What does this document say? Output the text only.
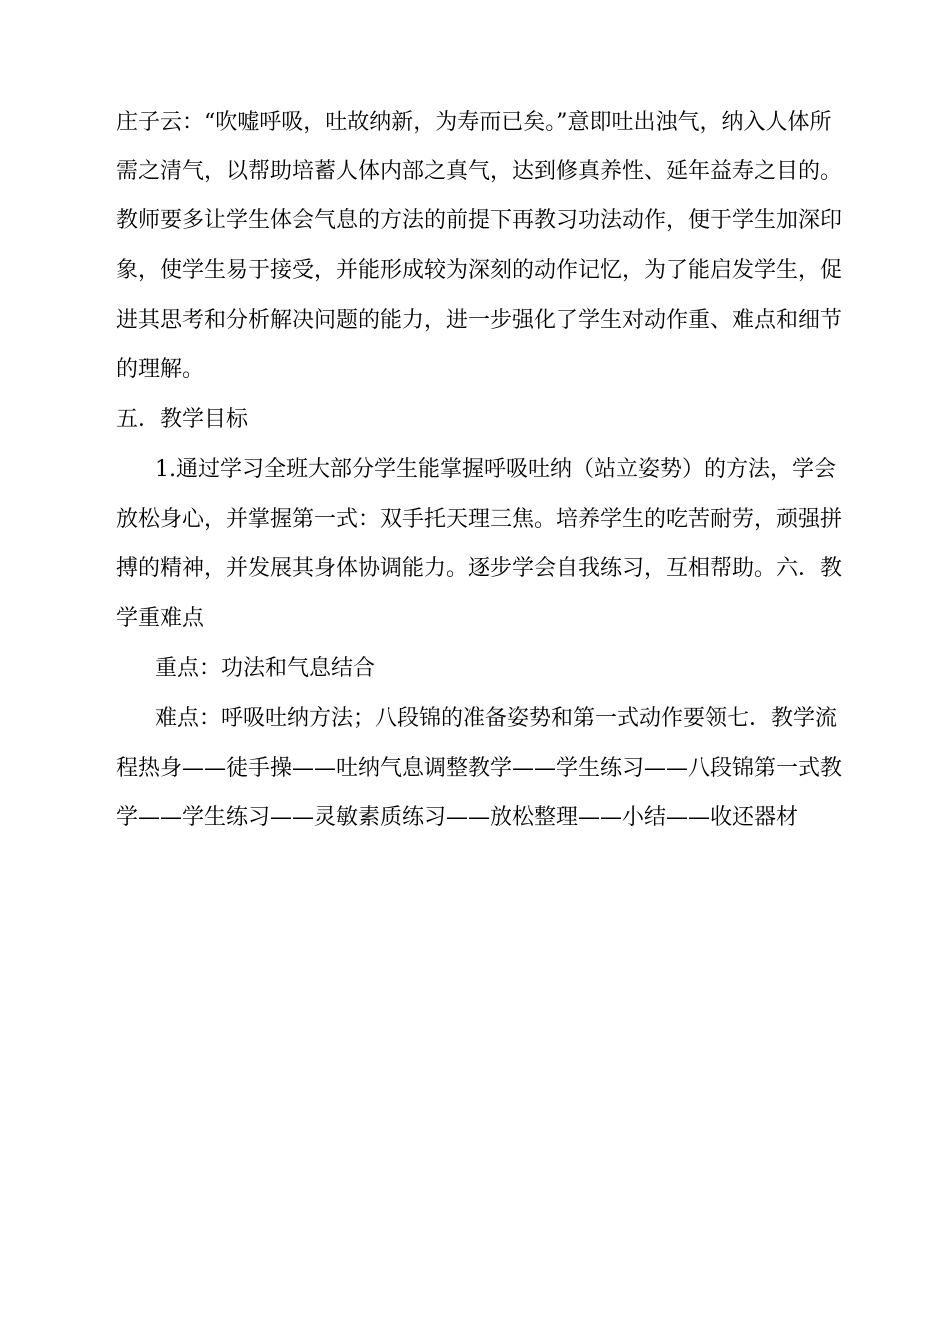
庄子云：“吹嘘呼吸，吐故纳新，为寿而已矣。”意即吐出浊气，纳入人体所
需之清气，以帮助培蓄人体内部之真气，达到修真养性、延年益寿之目的。
教师要多让学生体会气息的方法的前提下再教习功法动作，便于学生加深印
象，使学生易于接受，并能形成较为深刻的动作记忆，为了能启发学生，促
进其思考和分析解决问题的能力，进一步强化了学生对动作重、难点和细节
的理解。
五．教学目标
1.通过学习全班大部分学生能掌握呼吸吐纳（站立姿势）的方法，学会
放松身心，并掌握第一式：双手托天理三焦。培养学生的吃苦耐劳，顽强拼
搏的精神，并发展其身体协调能力。逐步学会自我练习，互相帮助。六．教
学重难点
重点：功法和气息结合
难点：呼吸吐纳方法；八段锦的准备姿势和第一式动作要领七．教学流
程热身——徒手操——吐纳气息调整教学——学生练习——八段锦第一式教
学——学生练习——灵敏素质练习——放松整理——小结——收还器材
